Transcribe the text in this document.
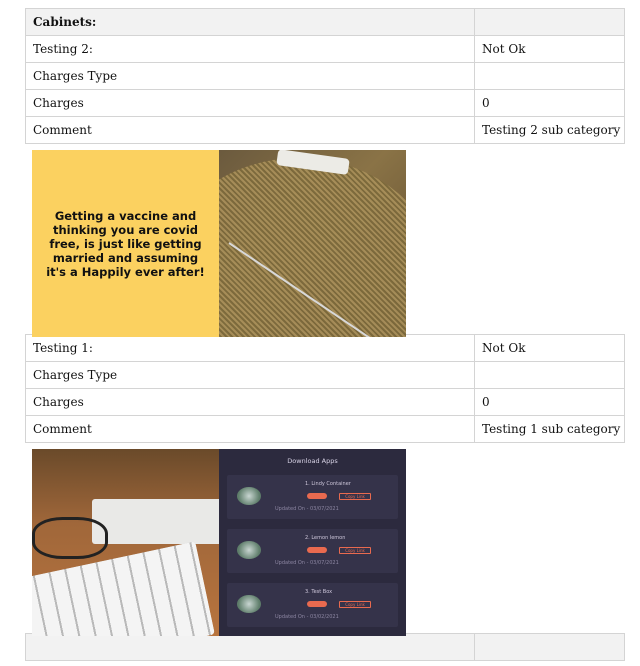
Cabinets:	
Testing 2:	Not Ok
Charges Type	
Charges	0
Comment	Testing 2 sub category
Getting a vaccine and thinking you are covid free, is just like getting married and assuming it's a Happily ever after!
Testing 1:	Not Ok
Charges Type	
Charges	0
Comment	Testing 1 sub category
Download Apps
1. Lindy Container
Copy Link
Updated On - 03/07/2021
2. Lemon lemon
Copy Link
Updated On - 03/07/2021
3. Test Box
Copy Link
Updated On - 03/02/2021
